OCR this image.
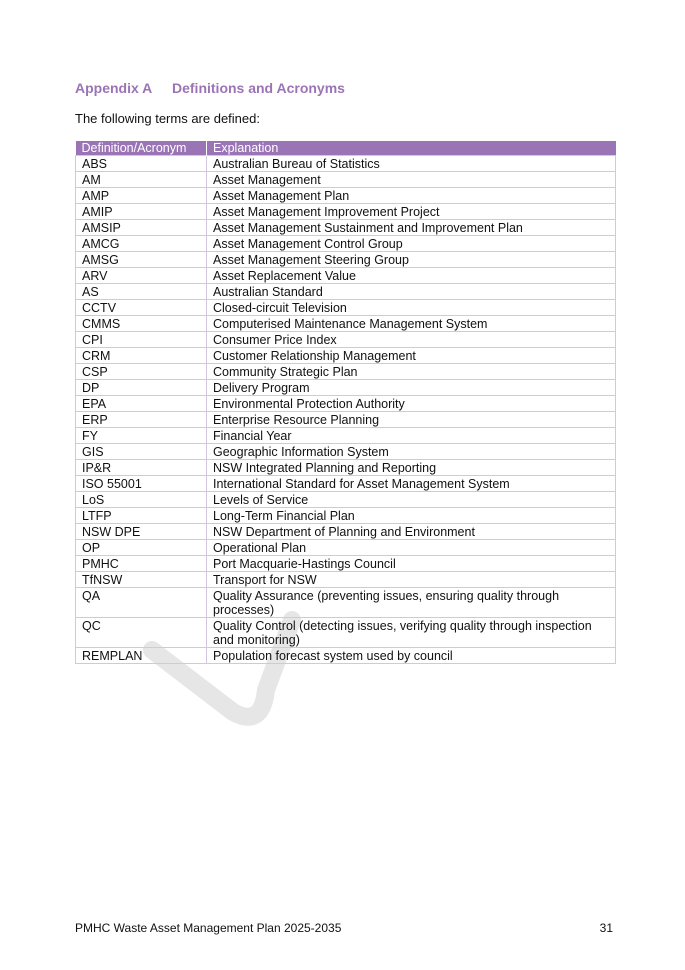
Appendix A Definitions and Acronyms
The following terms are defined:
Definition/Acronym	Explanation
ABS	Australian Bureau of Statistics
AM	Asset Management
AMP	Asset Management Plan
AMIP	Asset Management Improvement Project
AMSIP	Asset Management Sustainment and Improvement Plan
AMCG	Asset Management Control Group
AMSG	Asset Management Steering Group
ARV	Asset Replacement Value
AS	Australian Standard
CCTV	Closed-circuit Television
CMMS	Computerised Maintenance Management System
CPI	Consumer Price Index
CRM	Customer Relationship Management
CSP	Community Strategic Plan
DP	Delivery Program
EPA	Environmental Protection Authority
ERP	Enterprise Resource Planning
FY	Financial Year
GIS	Geographic Information System
IP&R	NSW Integrated Planning and Reporting
ISO 55001	International Standard for Asset Management System
LoS	Levels of Service
LTFP	Long-Term Financial Plan
NSW DPE	NSW Department of Planning and Environment
OP	Operational Plan
PMHC	Port Macquarie-Hastings Council
TfNSW	Transport for NSW
QA	Quality Assurance (preventing issues, ensuring quality through processes)
QC	Quality Control (detecting issues, verifying quality through inspection and monitoring)
REMPLAN	Population forecast system used by council
PMHC Waste Asset Management Plan 2025-2035	31
